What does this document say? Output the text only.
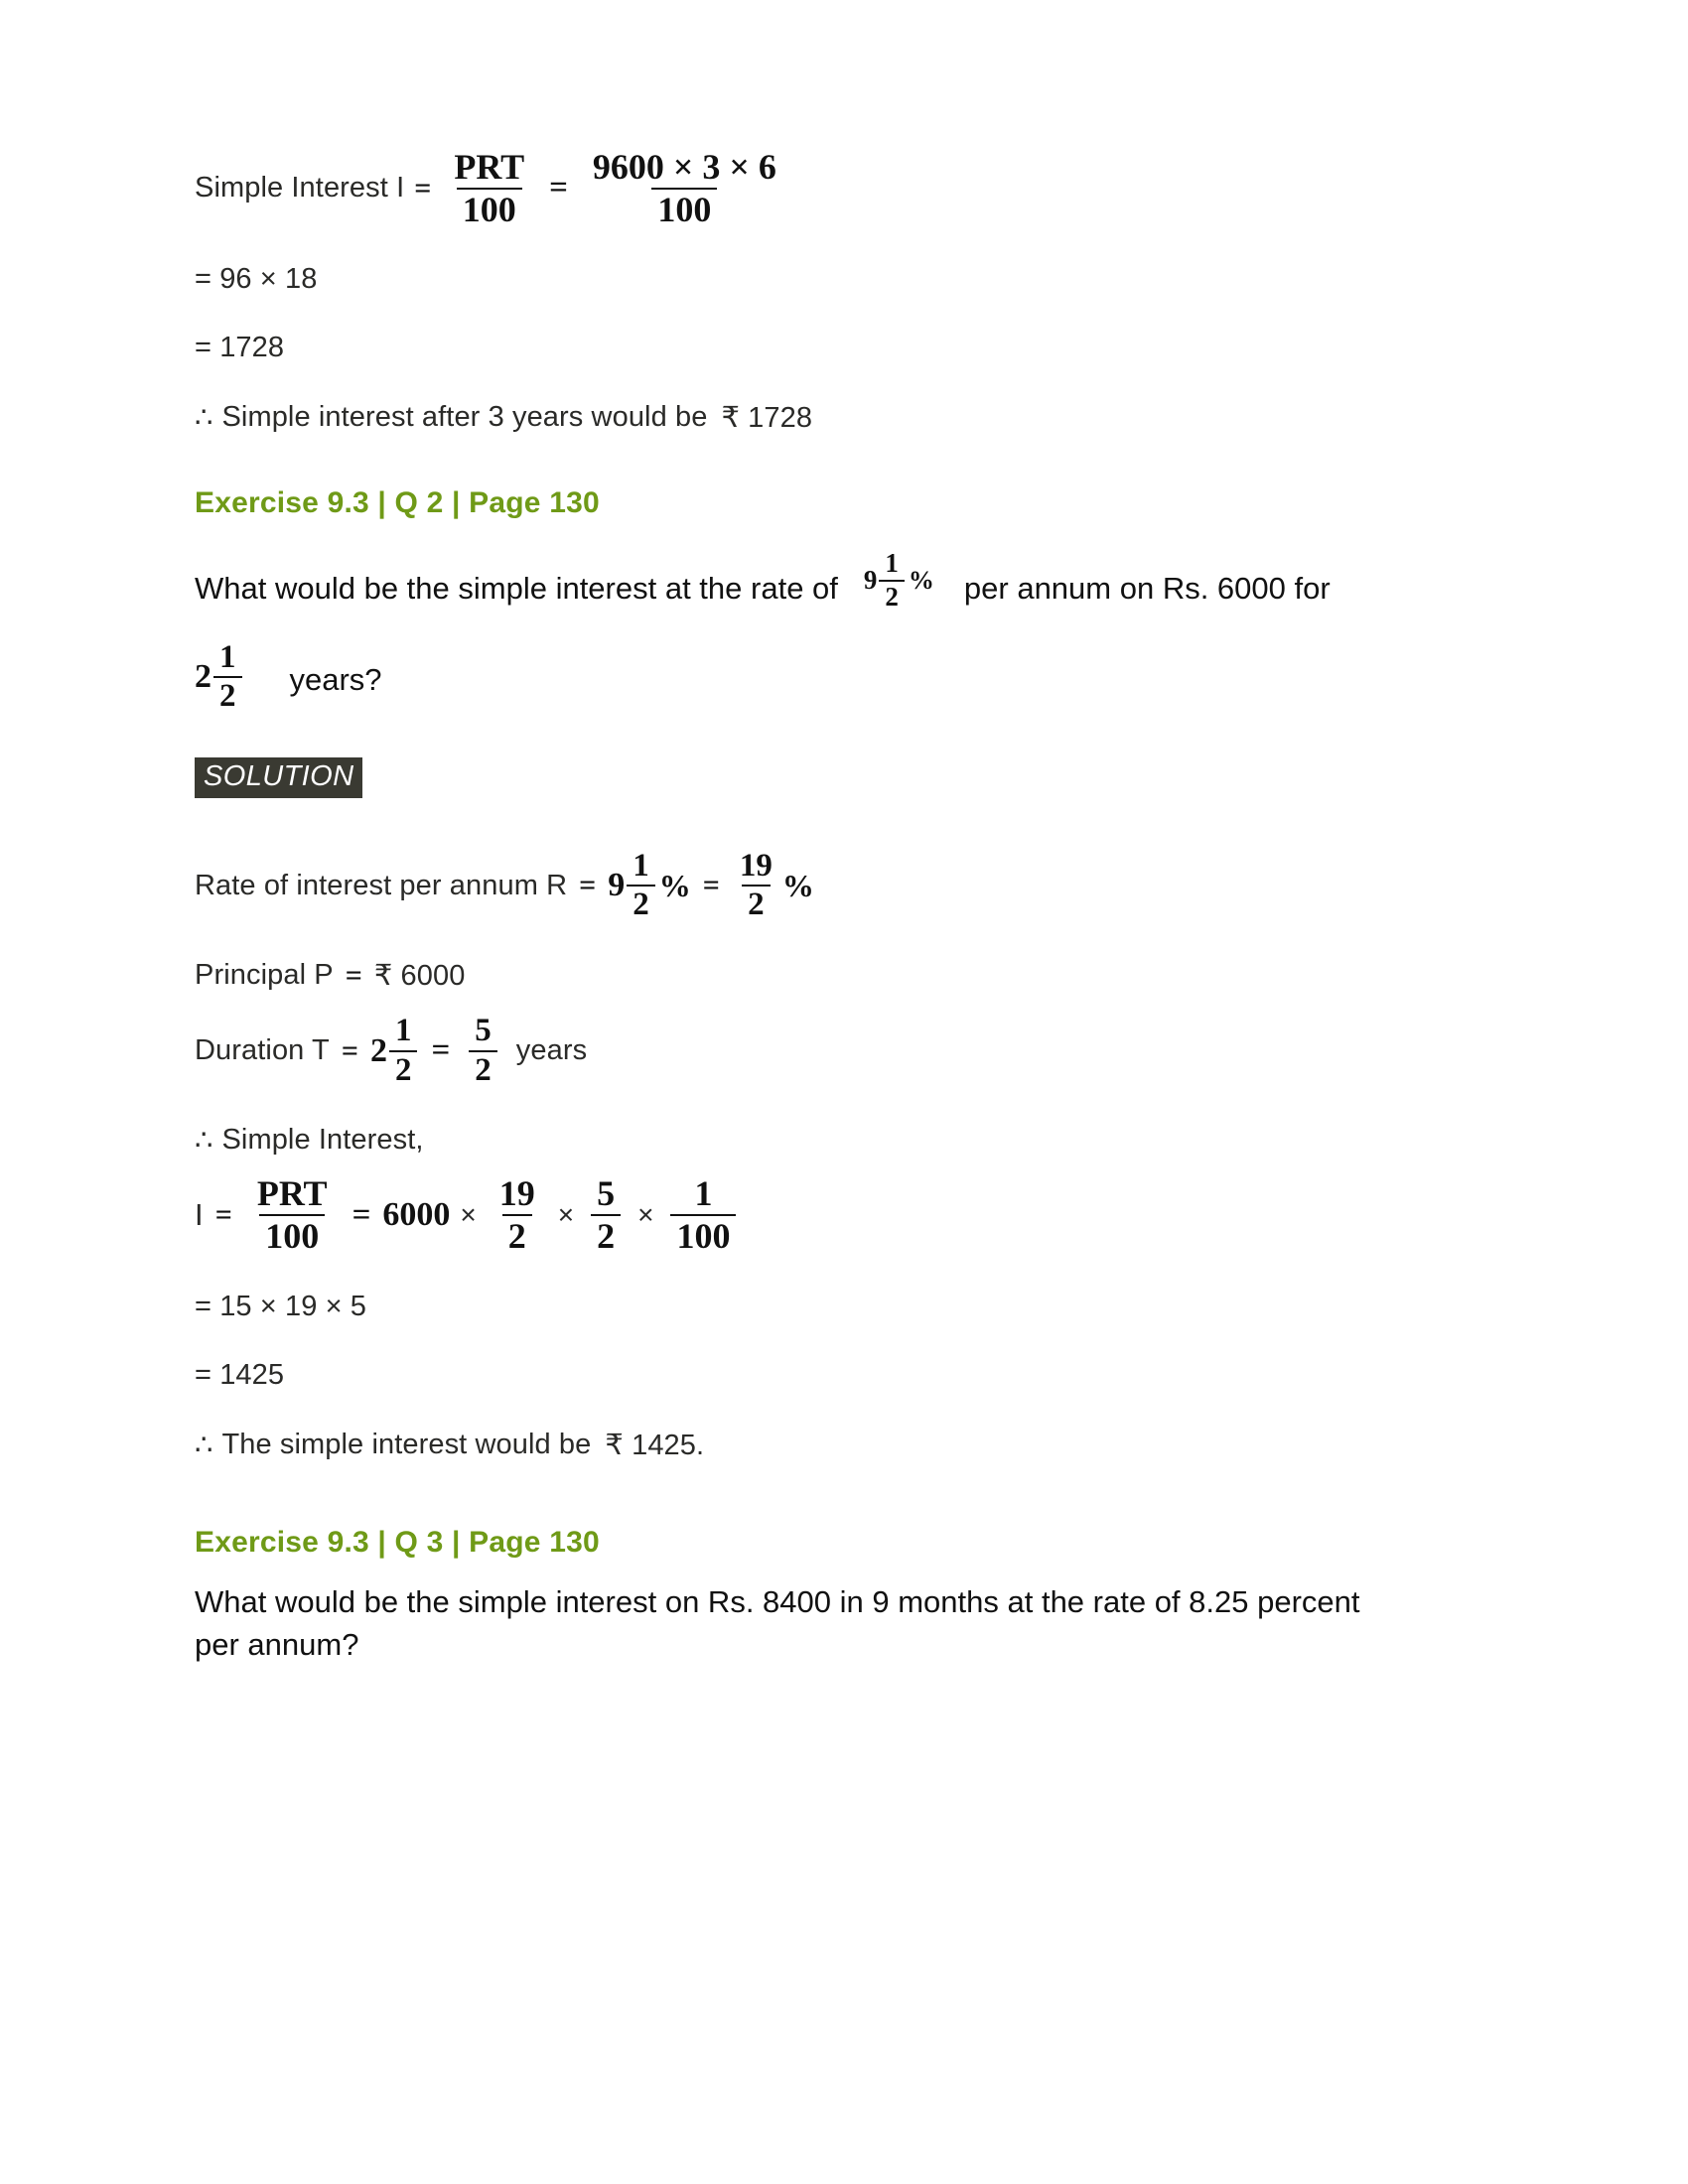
Simple Interest $I = \frac{\text{PRT}}{100} = \frac{9600 \times 3 \times 6}{100}$
= 96 × 18
= 1728
∴ Simple interest after 3 years would be ₹ 1728
Exercise 9.3 | Q 2 | Page 130
What would be the simple interest at the rate of $9 \frac{1}{2}$ % per annum on Rs. 6000 for
$2 \frac{1}{2}$ years?
SOLUTION
Rate of interest per annum $R = 9 \frac{1}{2}$ % = $\frac{19}{2}$ %
Principal P = ₹ 6000
Duration $T = 2 \frac{1}{2} = \frac{5}{2}$ years
∴ Simple Interest,
$I = \frac{\text{PRT}}{100} = 6000 \times \frac{19}{2} \times \frac{5}{2} \times \frac{1}{100}$
= 15 × 19 × 5
= 1425
∴ The simple interest would be ₹ 1425.
Exercise 9.3 | Q 3 | Page 130
What would be the simple interest on Rs. 8400 in 9 months at the rate of 8.25 percent
per annum?
